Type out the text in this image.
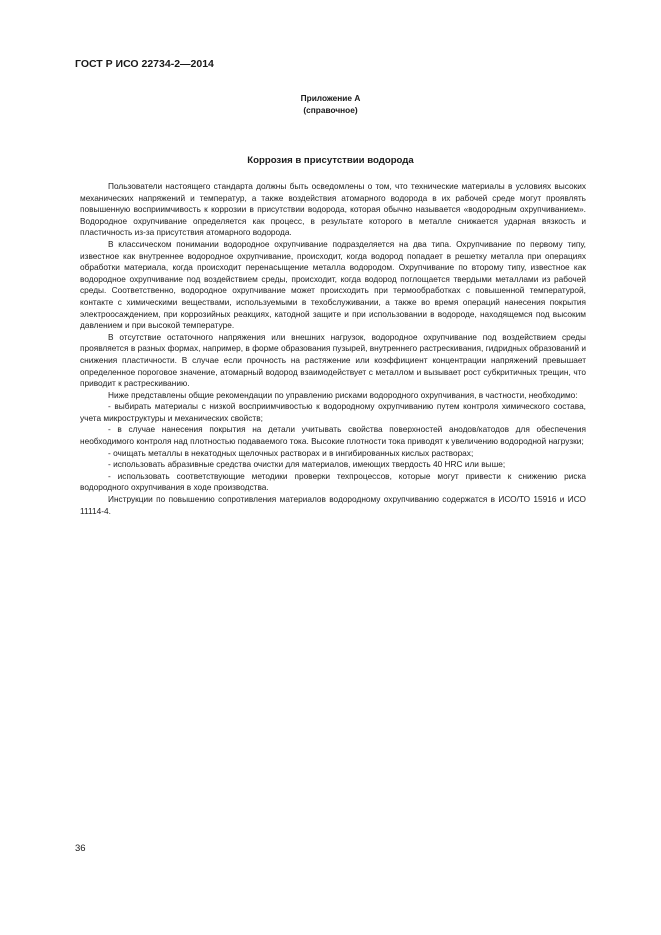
ГОСТ Р ИСО 22734-2—2014
Приложение А
(справочное)
Коррозия в присутствии водорода

Пользователи настоящего стандарта должны быть осведомлены о том, что технические материалы в условиях высоких механических напряжений и температур, а также воздействия атомарного водорода в их рабочей среде могут проявлять повышенную восприимчивость к коррозии в присутствии водорода, которая обычно называется «водородным охрупчиванием». Водородное охрупчивание определяется как процесс, в результате которого в металле снижается ударная вязкость и пластичность из-за присутствия атомарного водорода.

В классическом понимании водородное охрупчивание подразделяется на два типа. Охрупчивание по первому типу, известное как внутреннее водородное охрупчивание, происходит, когда водород попадает в решетку металла при операциях обработки материала, когда происходит перенасыщение металла водородом. Охрупчивание по второму типу, известное как водородное охрупчивание под воздействием среды, происходит, когда водород поглощается твердыми металлами из рабочей среды. Соответственно, водородное охрупчивание может происходить при термообработках с повышенной температурой, контакте с химическими веществами, используемыми в техобслуживании, а также во время операций нанесения покрытия электроосаждением, при коррозийных реакциях, катодной защите и при использовании в водороде, находящемся под высоким давлением и при высокой температуре.

В отсутствие остаточного напряжения или внешних нагрузок, водородное охрупчивание под воздействием среды проявляется в разных формах, например, в форме образования пузырей, внутреннего растрескивания, гидридных образований и снижения пластичности. В случае если прочность на растяжение или коэффициент концентрации напряжений превышает определенное пороговое значение, атомарный водород взаимодействует с металлом и вызывает рост субкритичных трещин, что приводит к растрескиванию.

Ниже представлены общие рекомендации по управлению рисками водородного охрупчивания, в частности, необходимо:

- выбирать материалы с низкой восприимчивостью к водородному охрупчиванию путем контроля химического состава, учета микроструктуры и механических свойств;

- в случае нанесения покрытия на детали учитывать свойства поверхностей анодов/катодов для обеспечения необходимого контроля над плотностью подаваемого тока. Высокие плотности тока приводят к увеличению водородной нагрузки;

- очищать металлы в некатодных щелочных растворах и в ингибированных кислых растворах;

- использовать абразивные средства очистки для материалов, имеющих твердость 40 HRC или выше;

- использовать соответствующие методики проверки техпроцессов, которые могут привести к снижению риска водородного охрупчивания в ходе производства.

Инструкции по повышению сопротивления материалов водородному охрупчиванию содержатся в ИСО/ТО 15916 и ИСО 11114-4.

36
